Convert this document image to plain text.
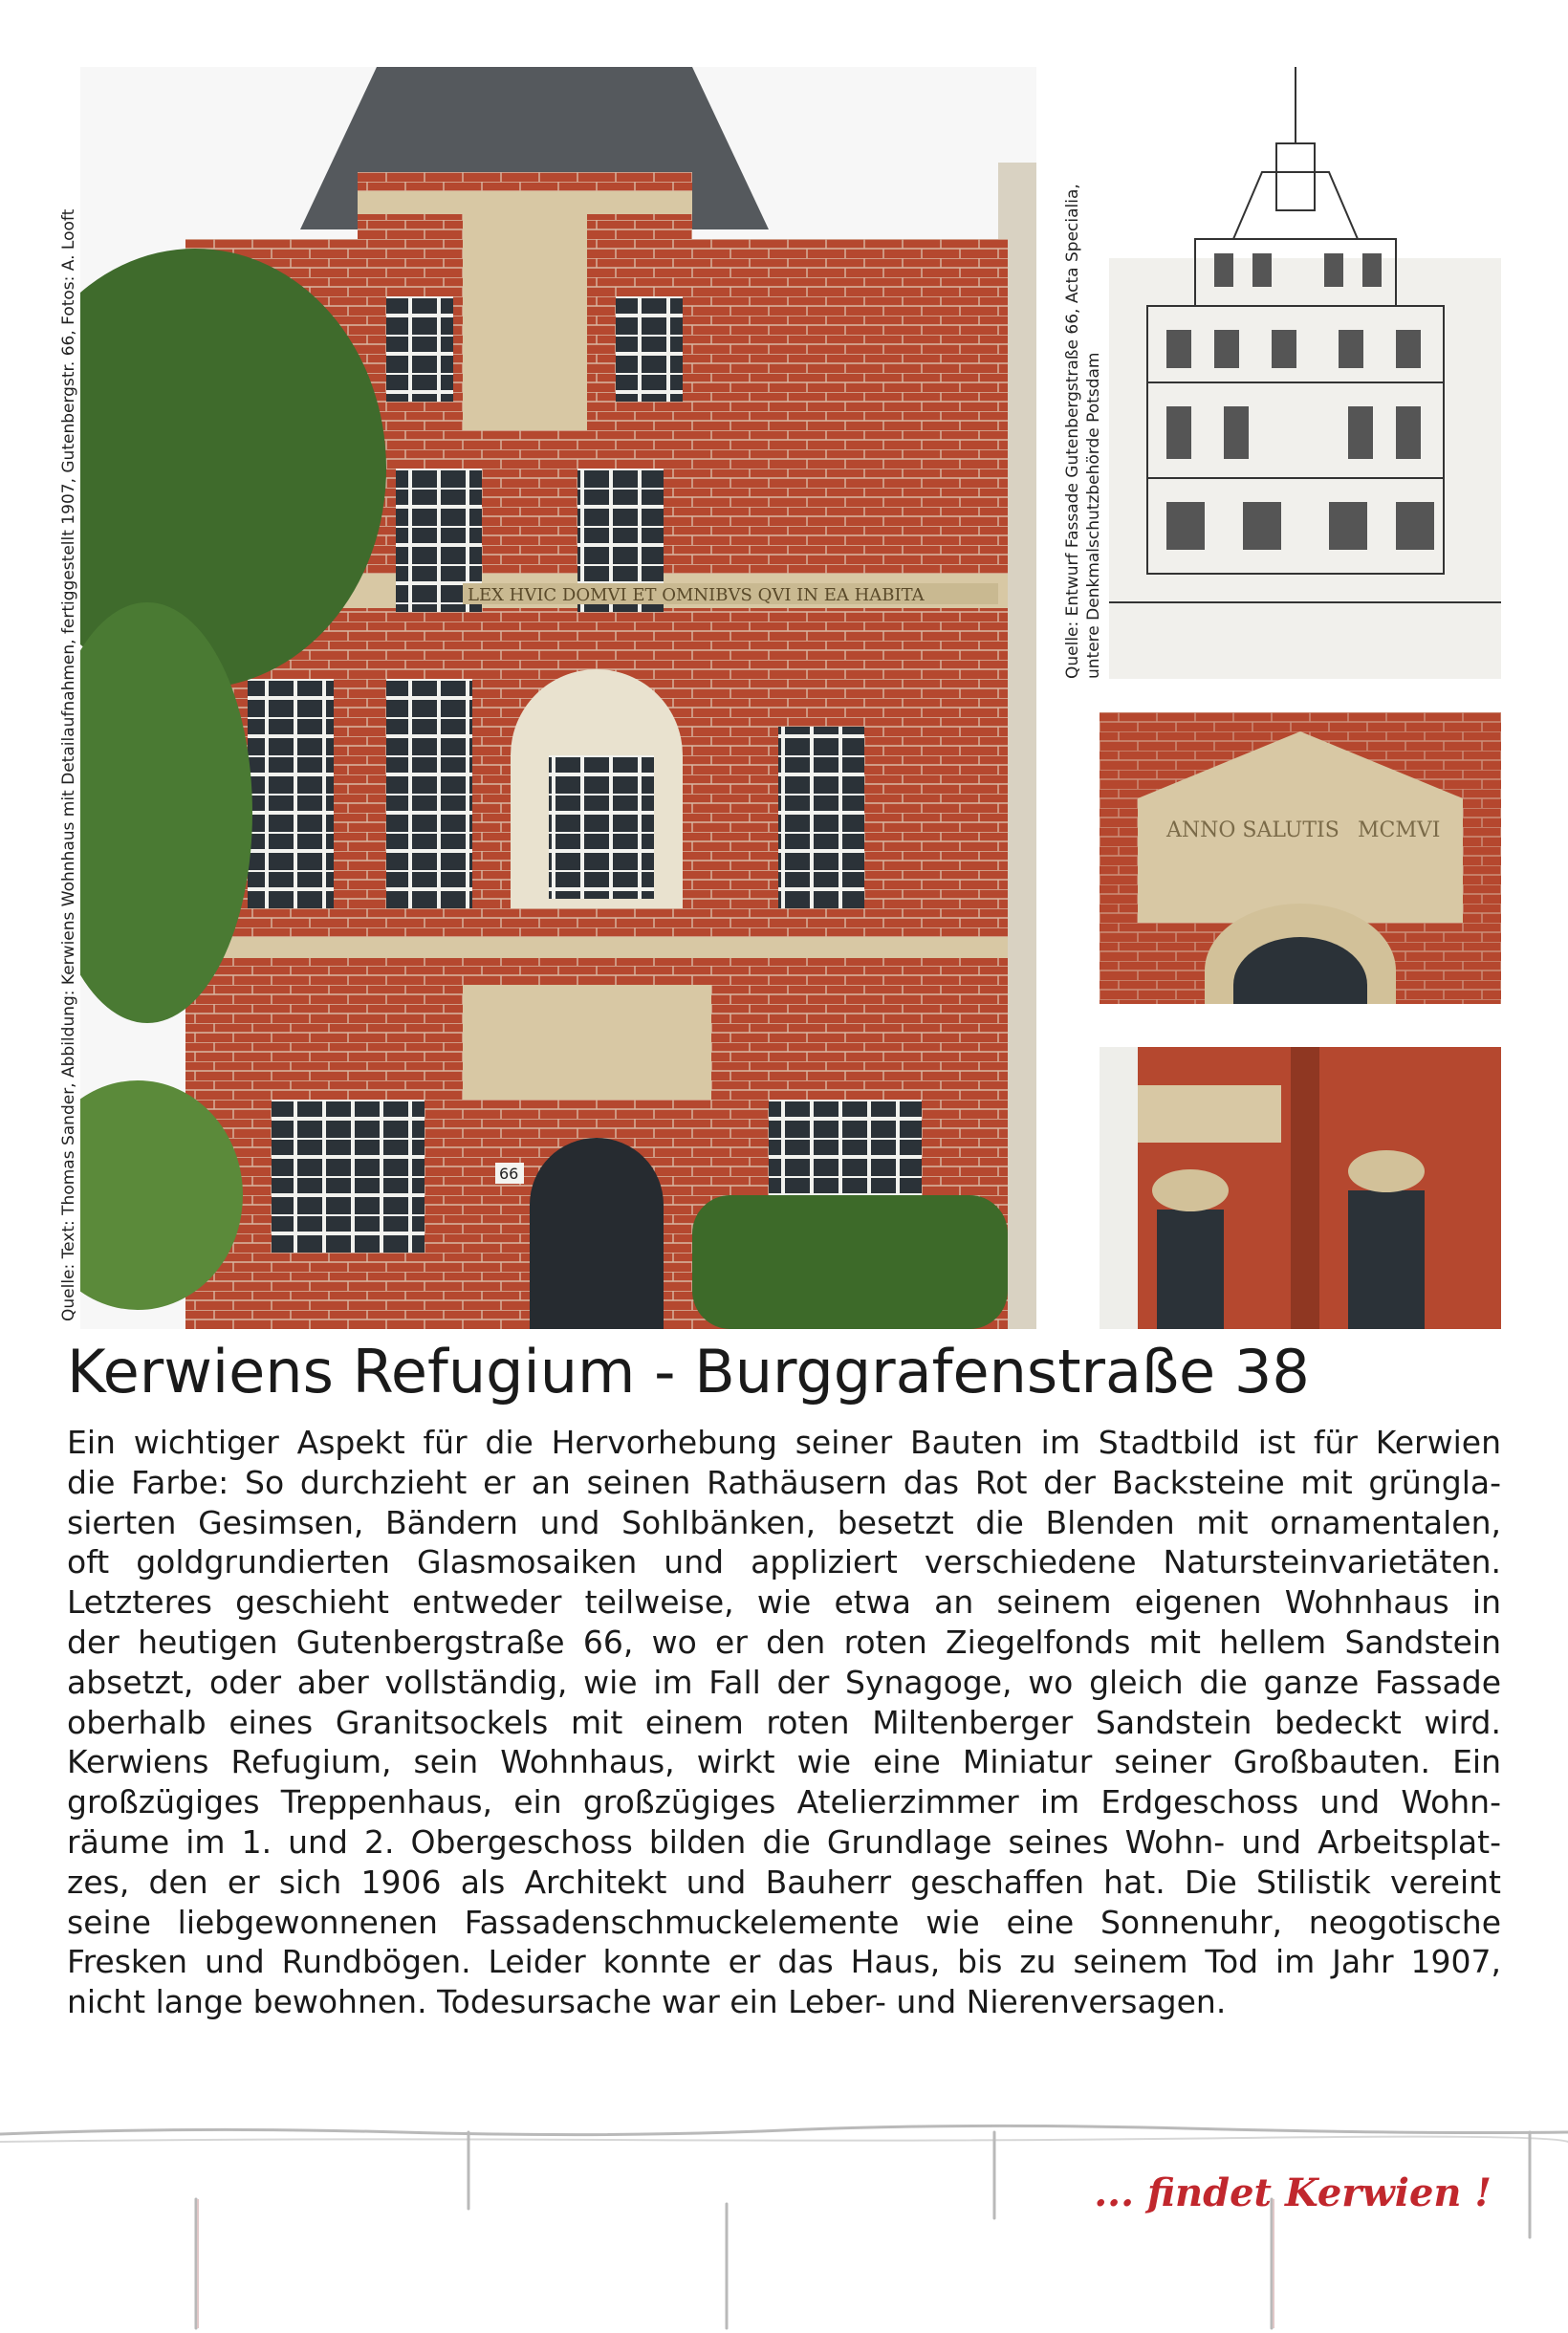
Quelle: Text: Thomas Sander, Abbildung: Kerwiens Wohnhaus mit Detailaufnahmen, fertiggestellt 1907, Gutenbergstr. 66, Fotos: A. Looft	Quelle: Entwurf Fassade Gutenbergstraße 66, Acta Specialia, untere Denkmalschutzbehörde Potsdam
LEX HVIC DOMVI ET OMNIBVS QVI IN EA HABITA
66
ANNO SALUTIS MCMVI
Kerwiens Refugium - Burggrafenstraße 38
Ein wichtiger Aspekt für die Hervorhebung seiner Bauten im Stadtbild ist für Kerwien
die Farbe: So durchzieht er an seinen Rathäusern das Rot der Backsteine mit grüngla-
sierten Gesimsen, Bändern und Sohlbänken, besetzt die Blenden mit ornamentalen,
oft goldgrundierten Glasmosaiken und appliziert verschiedene Natursteinvarietäten.
Letzteres geschieht entweder teilweise, wie etwa an seinem eigenen Wohnhaus in
der heutigen Gutenbergstraße 66, wo er den roten Ziegelfonds mit hellem Sandstein
absetzt, oder aber vollständig, wie im Fall der Synagoge, wo gleich die ganze Fassade
oberhalb eines Granitsockels mit einem roten Miltenberger Sandstein bedeckt wird.
Kerwiens Refugium, sein Wohnhaus, wirkt wie eine Miniatur seiner Großbauten. Ein
großzügiges Treppenhaus, ein großzügiges Atelierzimmer im Erdgeschoss und Wohn-
räume im 1. und 2. Obergeschoss bilden die Grundlage seines Wohn- und Arbeitsplat-
zes, den er sich 1906 als Architekt und Bauherr geschaffen hat. Die Stilistik vereint
seine liebgewonnenen Fassadenschmuckelemente wie eine Sonnenuhr, neogotische
Fresken und Rundbögen. Leider konnte er das Haus, bis zu seinem Tod im Jahr 1907,
nicht lange bewohnen. Todesursache war ein Leber- und Nierenversagen.
... findet Kerwien !
